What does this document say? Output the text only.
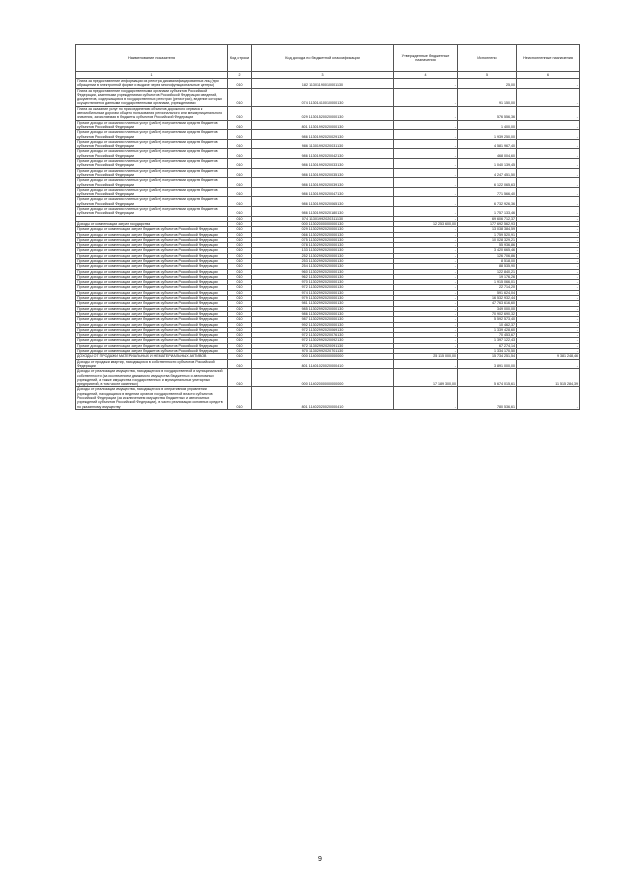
Наименование показателя	Код строки	Код дохода по бюджетной классификации	Утвержденные бюджетные назначения	Исполнено	Неисполненные назначения
1	2	3	4	5	6
Плата за предоставление информации из реестра дисквалифицированных лиц (при обращении в электронной форме и выдаче через многофункциональные центры)	010	182 11301190010001130	-	25,00	-
Плата за предоставление государственными органами субъектов Российской Федерации, казенными учреждениями субъектов Российской Федерации сведений, документов, содержащихся в государственных реестрах (регистрах), ведение которых осуществляется данными государственными органами, учреждениями	010	074 11301410010000130	-	91 150,00	-
Плата за оказание услуг по присоединению объектов дорожного сервиса к автомобильным дорогам общего пользования регионального или межмуниципального значения, зачисляемая в бюджеты субъектов Российской Федерации	010	029 11301520020000130	-	576 556,36	-
Прочие доходы от оказания платных услуг (работ) получателями средств бюджетов субъектов Российской Федерации	010	801 11301992020000130	-	1 400,00	-
Прочие доходы от оказания платных услуг (работ) получателями средств бюджетов субъектов Российской Федерации	010	986 11301992020029130	-	1 939 250,00	-
Прочие доходы от оказания платных услуг (работ) получателями средств бюджетов субъектов Российской Федерации	010	986 11301992020031130	-	4 581 967,40	-
Прочие доходы от оказания платных услуг (работ) получателями средств бюджетов субъектов Российской Федерации	010	986 11301992020042130	-	468 004,60	-
Прочие доходы от оказания платных услуг (работ) получателями средств бюджетов субъектов Российской Федерации	010	986 11301992020033130	-	1 040 139,45	-
Прочие доходы от оказания платных услуг (работ) получателями средств бюджетов субъектов Российской Федерации	010	986 11301992020035130	-	4 247 451,50	-
Прочие доходы от оказания платных услуг (работ) получателями средств бюджетов субъектов Российской Федерации	010	986 11301992020039130	-	6 122 065,63	-
Прочие доходы от оказания платных услуг (работ) получателями средств бюджетов субъектов Российской Федерации	010	986 11301992020047130	-	771 566,40	-
Прочие доходы от оказания платных услуг (работ) получателями средств бюджетов субъектов Российской Федерации	010	986 11301992020065130	-	6 732 926,36	-
Прочие доходы от оказания платных услуг (работ) получателями средств бюджетов субъектов Российской Федерации	010	986 11301992020180130	-	1 757 133,46	-
	010	074 11301992020311130	-	69 606 712,37	-
Доходы от компенсации затрат государства	010	000 11302000000000130	12 253 600,00	177 692 562,93	-
Прочие доходы от компенсации затрат бюджетов субъектов Российской Федерации	010	029 11302992020000130	-	13 038 384,59	-
Прочие доходы от компенсации затрат бюджетов субъектов Российской Федерации	010	066 11302992020000130	-	1 759 520,91	-
Прочие доходы от компенсации затрат бюджетов субъектов Российской Федерации	010	075 11302992020000130	-	10 028 329,21	-
Прочие доходы от компенсации затрат бюджетов субъектов Российской Федерации	010	078 11302992020000130	-	55 936,86	-
Прочие доходы от компенсации затрат бюджетов субъектов Российской Федерации	010	133 11302992020000130	-	3 420 665,46	-
Прочие доходы от компенсации затрат бюджетов субъектов Российской Федерации	010	252 11302992020000130	-	126 706,86	-
Прочие доходы от компенсации затрат бюджетов субъектов Российской Федерации	010	253 11302992020000130	-	8 518,00	-
Прочие доходы от компенсации затрат бюджетов субъектов Российской Федерации	010	254 11302992020000130	-	88 535,90	-
Прочие доходы от компенсации затрат бюджетов субъектов Российской Федерации	010	960 11302992020000130	-	122 840,21	-
Прочие доходы от компенсации затрат бюджетов субъектов Российской Федерации	010	962 11302992020000130	-	19 176,26	-
Прочие доходы от компенсации затрат бюджетов субъектов Российской Федерации	010	970 11302992020000130	-	1 915 066,01	-
Прочие доходы от компенсации затрат бюджетов субъектов Российской Федерации	010	972 11302992020000130	-	22 714,20	-
Прочие доходы от компенсации затрат бюджетов субъектов Российской Федерации	010	974 11302992020000130	-	591 624,04	-
Прочие доходы от компенсации затрат бюджетов субъектов Российской Федерации	010	979 11302992020000130	-	16 532 932,44	-
Прочие доходы от компенсации затрат бюджетов субъектов Российской Федерации	010	981 11302992020000130	-	47 763 616,60	-
Прочие доходы от компенсации затрат бюджетов субъектов Российской Федерации	010	985 11302992020000130	-	349 000,00	-
Прочие доходы от компенсации затрат бюджетов субъектов Российской Федерации	010	986 11302992020000130	-	70 902 690,32	-
Прочие доходы от компенсации затрат бюджетов субъектов Российской Федерации	010	987 11302992020000130	-	5 592 573,40	-
Прочие доходы от компенсации затрат бюджетов субъектов Российской Федерации	010	992 11302992020000130	-	10 462,37	-
Прочие доходы от компенсации затрат бюджетов субъектов Российской Федерации	010	972 11302992020069130	-	1 339 428,60	-
Прочие доходы от компенсации затрат бюджетов субъектов Российской Федерации	010	972 11302992020076130	-	70 453,67	-
Прочие доходы от компенсации затрат бюджетов субъектов Российской Федерации	010	972 11302992020092130	-	1 397 122,43	-
Прочие доходы от компенсации затрат бюджетов субъектов Российской Федерации	010	972 11302992020091130	-	67 274,14	-
Прочие доходы от компенсации затрат бюджетов субъектов Российской Федерации	010	970 11302992020701130	-	1 334 170,50	-
ДОХОДЫ ОТ ПРОДАЖИ МАТЕРИАЛЬНЫХ И НЕМАТЕРИАЛЬНЫХ АКТИВОВ	010	000 11400000000000000	25 115 000,00	15 734 251,54	9 381 248,46
Доходы от продажи квартир, находящихся в собственности субъектов Российской Федерации	010	801 11401020020000410	-	3 891 000,00	-
Доходы от реализации имущества, находящегося в государственной и муниципальной собственности (за исключением движимого имущества бюджетных и автономных учреждений, а также имущества государственных и муниципальных унитарных предприятий, в том числе казенных)	010	000 11402000000000000	17 189 300,00	5 674 015,61	11 515 284,39
Доходы от реализации имущества, находящегося в оперативном управлении учреждений, находящихся в ведении органов государственной власти субъектов Российской Федерации (за исключением имущества бюджетных и автономных учреждений субъектов Российской Федерации), в части реализации основных средств по указанному имуществу	010	801 11402020020000410	-	780 536,61	-
9
